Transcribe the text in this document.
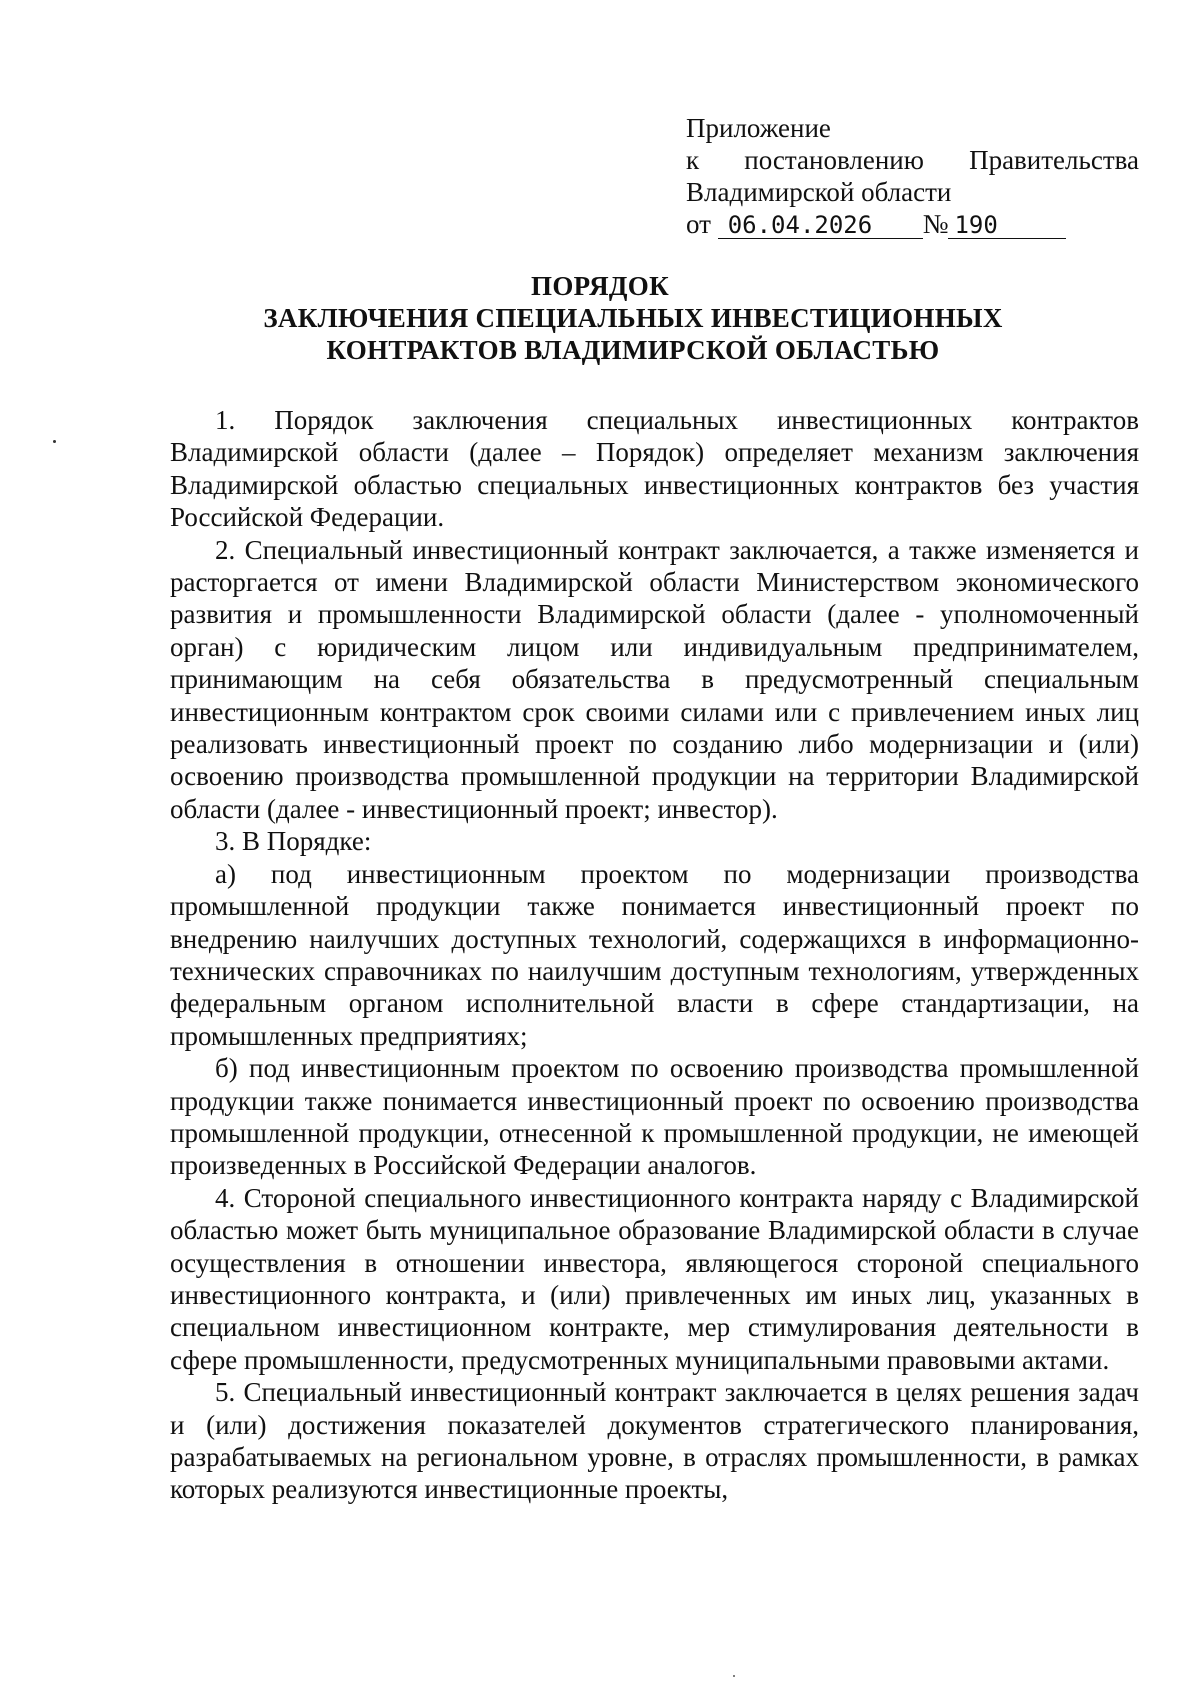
Приложение
к постановлению Правительства
Владимирской области
от 06.04.2026 № 190
ПОРЯДОК
ЗАКЛЮЧЕНИЯ СПЕЦИАЛЬНЫХ ИНВЕСТИЦИОННЫХ
КОНТРАКТОВ ВЛАДИМИРСКОЙ ОБЛАСТЬЮ

1. Порядок заключения специальных инвестиционных контрактов Владимирской области (далее – Порядок) определяет механизм заключения Владимирской областью специальных инвестиционных контрактов без участия Российской Федерации.

2. Специальный инвестиционный контракт заключается, а также изменяется и расторгается от имени Владимирской области Министерством экономического развития и промышленности Владимирской области (далее - уполномоченный орган) с юридическим лицом или индивидуальным предпринимателем, принимающим на себя обязательства в предусмотренный специальным инвестиционным контрактом срок своими силами или с привлечением иных лиц реализовать инвестиционный проект по созданию либо модернизации и (или) освоению производства промышленной продукции на территории Владимирской области (далее - инвестиционный проект; инвестор).

3. В Порядке:

а) под инвестиционным проектом по модернизации производства промышленной продукции также понимается инвестиционный проект по внедрению наилучших доступных технологий, содержащихся в информационно-технических справочниках по наилучшим доступным технологиям, утвержденных федеральным органом исполнительной власти в сфере стандартизации, на промышленных предприятиях;

б) под инвестиционным проектом по освоению производства промышленной продукции также понимается инвестиционный проект по освоению производства промышленной продукции, отнесенной к промышленной продукции, не имеющей произведенных в Российской Федерации аналогов.

4. Стороной специального инвестиционного контракта наряду с Владимирской областью может быть муниципальное образование Владимирской области в случае осуществления в отношении инвестора, являющегося стороной специального инвестиционного контракта, и (или) привлеченных им иных лиц, указанных в специальном инвестиционном контракте, мер стимулирования деятельности в сфере промышленности, предусмотренных муниципальными правовыми актами.

5. Специальный инвестиционный контракт заключается в целях решения задач и (или) достижения показателей документов стратегического планирования, разрабатываемых на региональном уровне, в отраслях промышленности, в рамках которых реализуются инвестиционные проекты,
